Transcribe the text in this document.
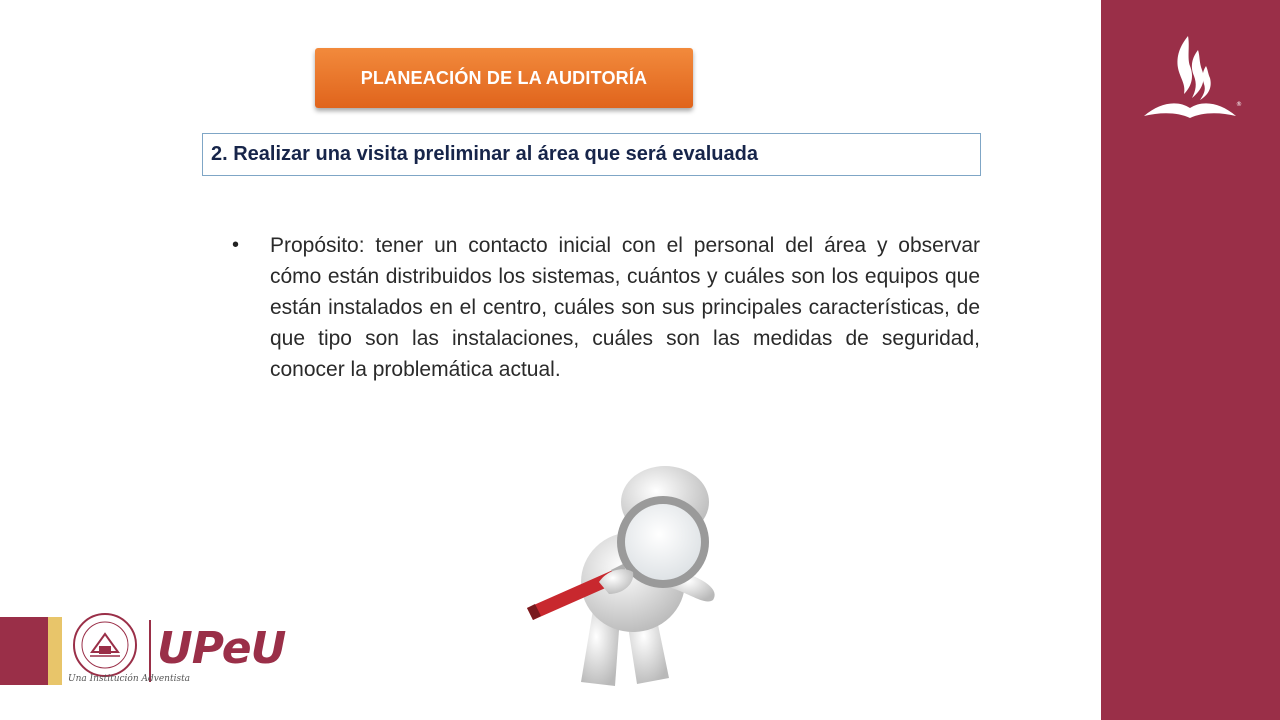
®
PLANEACIÓN DE LA AUDITORÍA
2. Realizar una visita preliminar al área que será evaluada
•	Propósito: tener un contacto inicial con el personal del área y observar cómo están distribuidos los sistemas, cuántos y cuáles son los equipos que están instalados en el centro, cuáles son sus principales características, de que tipo son las instalaciones, cuáles son las medidas de seguridad, conocer la problemática actual.

UPeU
Una Institución Adventista
